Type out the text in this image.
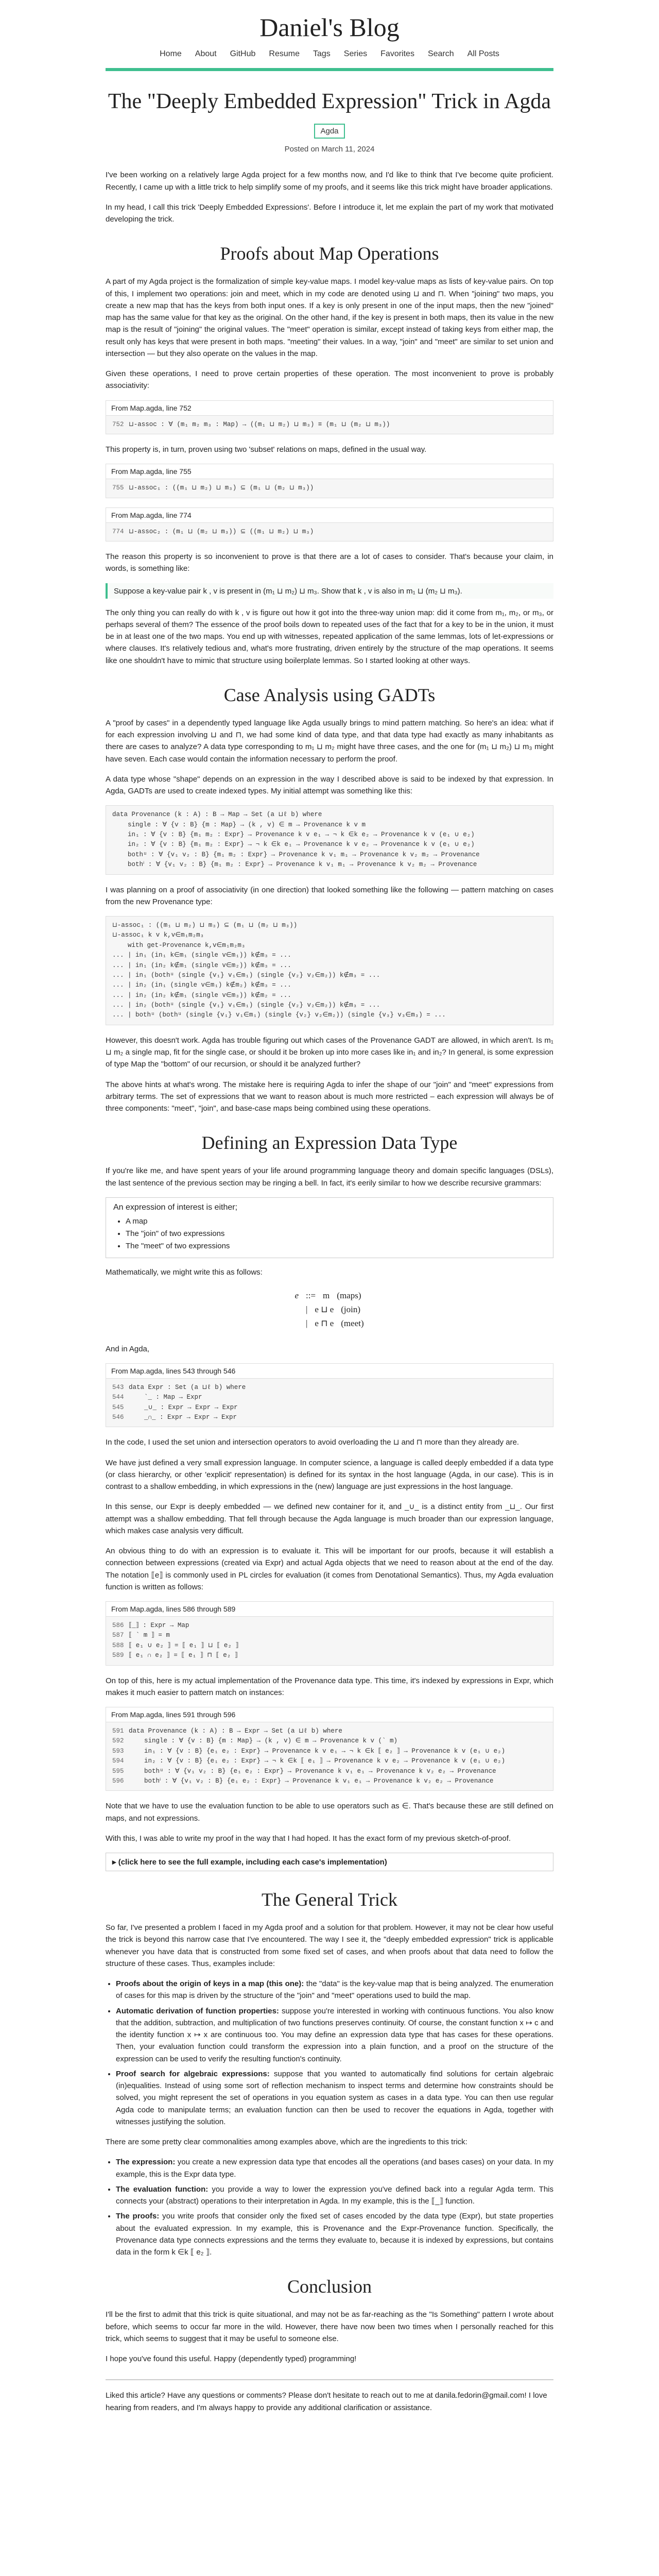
Daniel's Blog
Home About GitHub Resume Tags Series Favorites Search All Posts
The "Deeply Embedded Expression" Trick in Agda
Agda
Posted on March 11, 2024

I've been working on a relatively large Agda project for a few months now, and I'd like to think that I've become quite proficient. Recently, I came up with a little trick to help simplify some of my proofs, and it seems like this trick might have broader applications.

In my head, I call this trick 'Deeply Embedded Expressions'. Before I introduce it, let me explain the part of my work that motivated developing the trick.

Proofs about Map Operations

A part of my Agda project is the formalization of simple key-value maps. I model key-value maps as lists of key-value pairs. On top of this, I implement two operations: join and meet, which in my code are denoted using ⊔ and ⊓. When "joining" two maps, you create a new map that has the keys from both input ones. If a key is only present in one of the input maps, then the new "joined" map has the same value for that key as the original. On the other hand, if the key is present in both maps, then its value in the new map is the result of "joining" the original values. The "meet" operation is similar, except instead of taking keys from either map, the result only has keys that were present in both maps. "meeting" their values. In a way, "join" and "meet" are similar to set union and intersection — but they also operate on the values in the map.

Given these operations, I need to prove certain properties of these operation. The most inconvenient to prove is probably associativity:

From Map.agda, line 752
752 ⊔-assoc : ∀ (m₁ m₂ m₃ : Map) → ((m₁ ⊔ m₂) ⊔ m₃) ≡ (m₁ ⊔ (m₂ ⊔ m₃))

This property is, in turn, proven using two 'subset' relations on maps, defined in the usual way.

From Map.agda, line 755
755 ⊔-assoc₁ : ((m₁ ⊔ m₂) ⊔ m₃) ⊆ (m₁ ⊔ (m₂ ⊔ m₃))
From Map.agda, line 774
774 ⊔-assoc₂ : (m₁ ⊔ (m₂ ⊔ m₃)) ⊆ ((m₁ ⊔ m₂) ⊔ m₃)

The reason this property is so inconvenient to prove is that there are a lot of cases to consider. That's because your claim, in words, is something like:

Suppose a key-value pair k , v is present in (m₁ ⊔ m₂) ⊔ m₃. Show that k , v is also in m₁ ⊔ (m₂ ⊔ m₃).

The only thing you can really do with k , v is figure out how it got into the three-way union map: did it come from m₁, m₂, or m₃, or perhaps several of them? The essence of the proof boils down to repeated uses of the fact that for a key to be in the union, it must be in at least one of the two maps. You end up with witnesses, repeated application of the same lemmas, lots of let-expressions or where clauses. It's relatively tedious and, what's more frustrating, driven entirely by the structure of the map operations. It seems like one shouldn't have to mimic that structure using boilerplate lemmas. So I started looking at other ways.

Case Analysis using GADTs

A "proof by cases" in a dependently typed language like Agda usually brings to mind pattern matching. So here's an idea: what if for each expression involving ⊔ and ⊓, we had some kind of data type, and that data type had exactly as many inhabitants as there are cases to analyze? A data type corresponding to m₁ ⊔ m₂ might have three cases, and the one for (m₁ ⊔ m₂) ⊔ m₃ might have seven. Each case would contain the information necessary to perform the proof.

A data type whose "shape" depends on an expression in the way I described above is said to be indexed by that expression. In Agda, GADTs are used to create indexed types. My initial attempt was something like this:

data Provenance (k : A) : B → Map → Set (a ⊔ℓ b) where
single : ∀ {v : B} {m : Map} → (k , v) ∈ m → Provenance k v m
in₁ : ∀ {v : B} {m₁ m₂ : Expr} → Provenance k v e₁ → ¬ k ∈k e₂ → Provenance k v (e₁ ∪ e₂)
in₂ : ∀ {v : B} {m₁ m₂ : Expr} → ¬ k ∈k e₁ → Provenance k v e₂ → Provenance k v (e₁ ∪ e₂)
bothᵘ : ∀ {v₁ v₂ : B} {m₁ m₂ : Expr} → Provenance k v₁ m₁ → Provenance k v₂ m₂ → Provenance
bothⁱ : ∀ {v₁ v₂ : B} {m₁ m₂ : Expr} → Provenance k v₁ m₁ → Provenance k v₂ m₂ → Provenance

I was planning on a proof of associativity (in one direction) that looked something like the following — pattern matching on cases from the new Provenance type:

⊔-assoc₁ : ((m₁ ⊔ m₂) ⊔ m₃) ⊆ (m₁ ⊔ (m₂ ⊔ m₃))
⊔-assoc₁ k v k,v∈m₁m₂m₃
with get-Provenance k,v∈m₁m₂m₃
... | in₁ (in₁ k∈m₁ (single v∈m₁)) k∉m₃ = ...
... | in₁ (in₂ k∉m₁ (single v∈m₂)) k∉m₃ = ...
... | in₁ (bothᵘ (single {v₁} v₁∈m₁) (single {v₂} v₂∈m₂)) k∉m₃ = ...
... | in₂ (in₁ (single v∈m₁) k∉m₂) k∉m₃ = ...
... | in₂ (in₂ k∉m₁ (single v∈m₃)) k∉m₂ = ...
... | in₂ (bothᵘ (single {v₁} v₁∈m₁) (single {v₂} v₂∈m₂)) k∉m₃ = ...
... | bothᵘ (bothᵘ (single {v₁} v₁∈m₁) (single {v₂} v₂∈m₂)) (single {v₃} v₃∈m₃) = ...

However, this doesn't work. Agda has trouble figuring out which cases of the Provenance GADT are allowed, in which aren't. Is m₁ ⊔ m₂ a single map, fit for the single case, or should it be broken up into more cases like in₁ and in₂? In general, is some expression of type Map the "bottom" of our recursion, or should it be analyzed further?

The above hints at what's wrong. The mistake here is requiring Agda to infer the shape of our "join" and "meet" expressions from arbitrary terms. The set of expressions that we want to reason about is much more restricted – each expression will always be of three components: "meet", "join", and base-case maps being combined using these operations.

Defining an Expression Data Type

If you're like me, and have spent years of your life around programming language theory and domain specific languages (DSLs), the last sentence of the previous section may be ringing a bell. In fact, it's eerily similar to how we describe recursive grammars:

An expression of interest is either;
• A map
• The "join" of two expressions
• The "meet" of two expressions

Mathematically, we might write this as follows:

e ::= m (maps)
| e ⊔ e (join)
| e ⊓ e (meet)

And in Agda,

From Map.agda, lines 543 through 546
543 data Expr : Set (a ⊔ℓ b) where
544    `_ : Map → Expr
545    _∪_ : Expr → Expr → Expr
546    _∩_ : Expr → Expr → Expr

In the code, I used the set union and intersection operators to avoid overloading the ⊔ and ⊓ more than they already are.

We have just defined a very small expression language. In computer science, a language is called deeply embedded if a data type (or class hierarchy, or other 'explicit' representation) is defined for its syntax in the host language (Agda, in our case). This is in contrast to a shallow embedding, in which expressions in the (new) language are just expressions in the host language.

In this sense, our Expr is deeply embedded — we defined new container for it, and _∪_ is a distinct entity from _⊔_. Our first attempt was a shallow embedding. That fell through because the Agda language is much broader than our expression language, which makes case analysis very difficult.

An obvious thing to do with an expression is to evaluate it. This will be important for our proofs, because it will establish a connection between expressions (created via Expr) and actual Agda objects that we need to reason about at the end of the day. The notation ⟦e⟧ is commonly used in PL circles for evaluation (it comes from Denotational Semantics). Thus, my Agda evaluation function is written as follows:

From Map.agda, lines 586 through 589
586 ⟦_⟧ : Expr → Map
587 ⟦ ` m ⟧ = m
588 ⟦ e₁ ∪ e₂ ⟧ = ⟦ e₁ ⟧ ⊔ ⟦ e₂ ⟧
589 ⟦ e₁ ∩ e₂ ⟧ = ⟦ e₁ ⟧ ⊓ ⟦ e₂ ⟧

On top of this, here is my actual implementation of the Provenance data type. This time, it's indexed by expressions in Expr, which makes it much easier to pattern match on instances:

From Map.agda, lines 591 through 596
591 data Provenance (k : A) : B → Expr → Set (a ⊔ℓ b) where
592    single : ∀ {v : B} {m : Map} → (k , v) ∈ m → Provenance k v (` m)
593    in₁ : ∀ {v : B} {e₁ e₂ : Expr} → Provenance k v e₁ → ¬ k ∈k ⟦ e₂ ⟧ → Provenance k v (e₁ ∪ e₂)
594    in₂ : ∀ {v : B} {e₁ e₂ : Expr} → ¬ k ∈k ⟦ e₁ ⟧ → Provenance k v e₂ → Provenance k v (e₁ ∪ e₂)
595    bothᵘ : ∀ {v₁ v₂ : B} {e₁ e₂ : Expr} → Provenance k v₁ e₁ → Provenance k v₂ e₂ → Provenance
596    bothⁱ : ∀ {v₁ v₂ : B} {e₁ e₂ : Expr} → Provenance k v₁ e₁ → Provenance k v₂ e₂ → Provenance

Note that we have to use the evaluation function to be able to use operators such as ∈. That's because these are still defined on maps, and not expressions.

With this, I was able to write my proof in the way that I had hoped. It has the exact form of my previous sketch-of-proof.

▸ (click here to see the full example, including each case's implementation)
The General Trick

So far, I've presented a problem I faced in my Agda proof and a solution for that problem. However, it may not be clear how useful the trick is beyond this narrow case that I've encountered. The way I see it, the "deeply embedded expression" trick is applicable whenever you have data that is constructed from some fixed set of cases, and when proofs about that data need to follow the structure of these cases. Thus, examples include:

• Proofs about the origin of keys in a map (this one): the "data" is the key-value map that is being analyzed. The enumeration of cases for this map is driven by the structure of the "join" and "meet" operations used to build the map.
• Automatic derivation of function properties: suppose you're interested in working with continuous functions. You also know that the addition, subtraction, and multiplication of two functions preserves continuity. Of course, the constant function x ↦ c and the identity function x ↦ x are continuous too. You may define an expression data type that has cases for these operations. Then, your evaluation function could transform the expression into a plain function, and a proof on the structure of the expression can be used to verify the resulting function's continuity.
• Proof search for algebraic expressions: suppose that you wanted to automatically find solutions for certain algebraic (in)equalities. Instead of using some sort of reflection mechanism to inspect terms and determine how constraints should be solved, you might represent the set of operations in you equation system as cases in a data type. You can then use regular Agda code to manipulate terms; an evaluation function can then be used to recover the equations in Agda, together with witnesses justifying the solution.

There are some pretty clear commonalities among examples above, which are the ingredients to this trick:

• The expression: you create a new expression data type that encodes all the operations (and bases cases) on your data. In my example, this is the Expr data type.
• The evaluation function: you provide a way to lower the expression you've defined back into a regular Agda term. This connects your (abstract) operations to their interpretation in Agda. In my example, this is the ⟦_⟧ function.
• The proofs: you write proofs that consider only the fixed set of cases encoded by the data type (Expr), but state properties about the evaluated expression. In my example, this is Provenance and the Expr-Provenance function. Specifically, the Provenance data type connects expressions and the terms they evaluate to, because it is indexed by expressions, but contains data in the form k ∈k ⟦ e₂ ⟧.
Conclusion

I'll be the first to admit that this trick is quite situational, and may not be as far-reaching as the "Is Something" pattern I wrote about before, which seems to occur far more in the wild. However, there have now been two times when I personally reached for this trick, which seems to suggest that it may be useful to someone else.

I hope you've found this useful. Happy (dependently typed) programming!

Liked this article? Have any questions or comments? Please don't hesitate to reach out to me at danila.fedorin@gmail.com! I love hearing from readers, and I'm always happy to provide any additional clarification or assistance.
